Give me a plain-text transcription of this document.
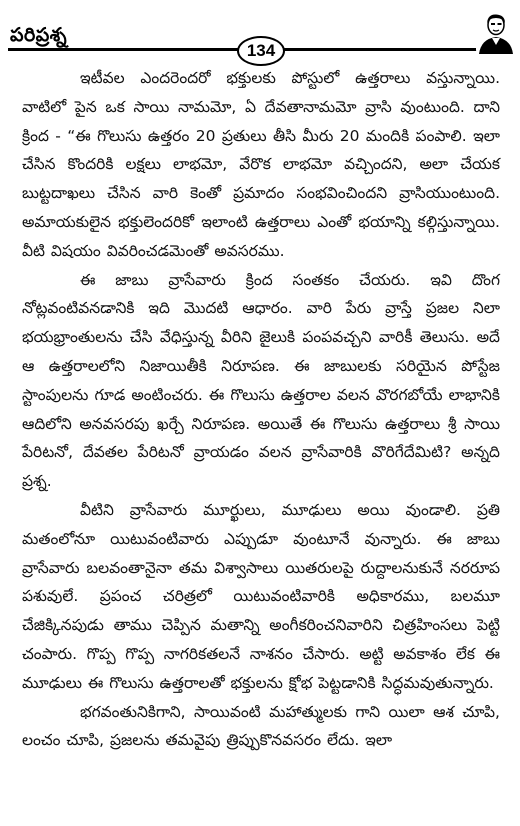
పరిప్రశ్న
134

ఇటీవల ఎందరెందరో భక్తులకు పోస్టులో ఉత్తరాలు వస్తున్నాయి. వాటిలో పైన ఒక సాయి నామమో, ఏ దేవతానామమో వ్రాసి వుంటుంది. దాని క్రింద - “ఈ గొలుసు ఉత్తరం 20 ప్రతులు తీసి మీరు 20 మందికి పంపాలి. ఇలా చేసిన కొందరికి లక్షలు లాభమో, వేరొక లాభమో వచ్చిందని, అలా చేయక బుట్టదాఖలు చేసిన వారి కెంతో ప్రమాదం సంభవించిందని వ్రాసియుంటుంది. అమాయకులైన భక్తులెందరికో ఇలాంటి ఉత్తరాలు ఎంతో భయాన్ని కల్గిస్తున్నాయి. వీటి విషయం వివరించడమెంతో అవసరము.

ఈ జాబు వ్రాసేవారు క్రింద సంతకం చేయరు. ఇవి దొంగ నోట్లవంటివనడానికి ఇది మొదటి ఆధారం. వారి పేరు వ్రాస్తే ప్రజల నిలా భయభ్రాంతులను చేసి వేధిస్తున్న వీరిని జైలుకి పంపవచ్చని వారికీ తెలుసు. అదే ఆ ఉత్తరాలలోని నిజాయితీకి నిరూపణ. ఈ జాబులకు సరియైన పోస్టేజ స్టాంపులను గూడ అంటించరు. ఈ గొలుసు ఉత్తరాల వలన వొరగబోయే లాభానికి ఆదిలోని అనవసరపు ఖర్చే నిరూపణ. అయితే ఈ గొలుసు ఉత్తరాలు శ్రీ సాయి పేరిటనో, దేవతల పేరిటనో వ్రాయడం వలన వ్రాసేవారికి వొరిగేదేమిటి? అన్నది ప్రశ్న.

వీటిని వ్రాసేవారు మూర్ఖులు, మూఢులు అయి వుండాలి. ప్రతి మతంలోనూ యిటువంటివారు ఎప్పుడూ వుంటూనే వున్నారు. ఈ జాబు వ్రాసేవారు బలవంతానైనా తమ విశ్వాసాలు యితరులపై రుద్దాలనుకునే నరరూప పశువులే. ప్రపంచ చరిత్రలో యిటువంటివారికి అధికారము, బలమూ చేజిక్కినపుడు తాము చెప్పిన మతాన్ని అంగీకరించనివారిని చిత్రహింసలు పెట్టి చంపారు. గొప్ప గొప్ప నాగరికతలనే నాశనం చేసారు. అట్టి అవకాశం లేక ఈ మూఢులు ఈ గొలుసు ఉత్తరాలతో భక్తులను క్షోభ పెట్టడానికి సిద్ధమవుతున్నారు.

భగవంతునికిగాని, సాయివంటి మహాత్ములకు గాని యిలా ఆశ చూపి, లంచం చూపి, ప్రజలను తమవైపు త్రిప్పుకొనవసరం లేదు. ఇలా
